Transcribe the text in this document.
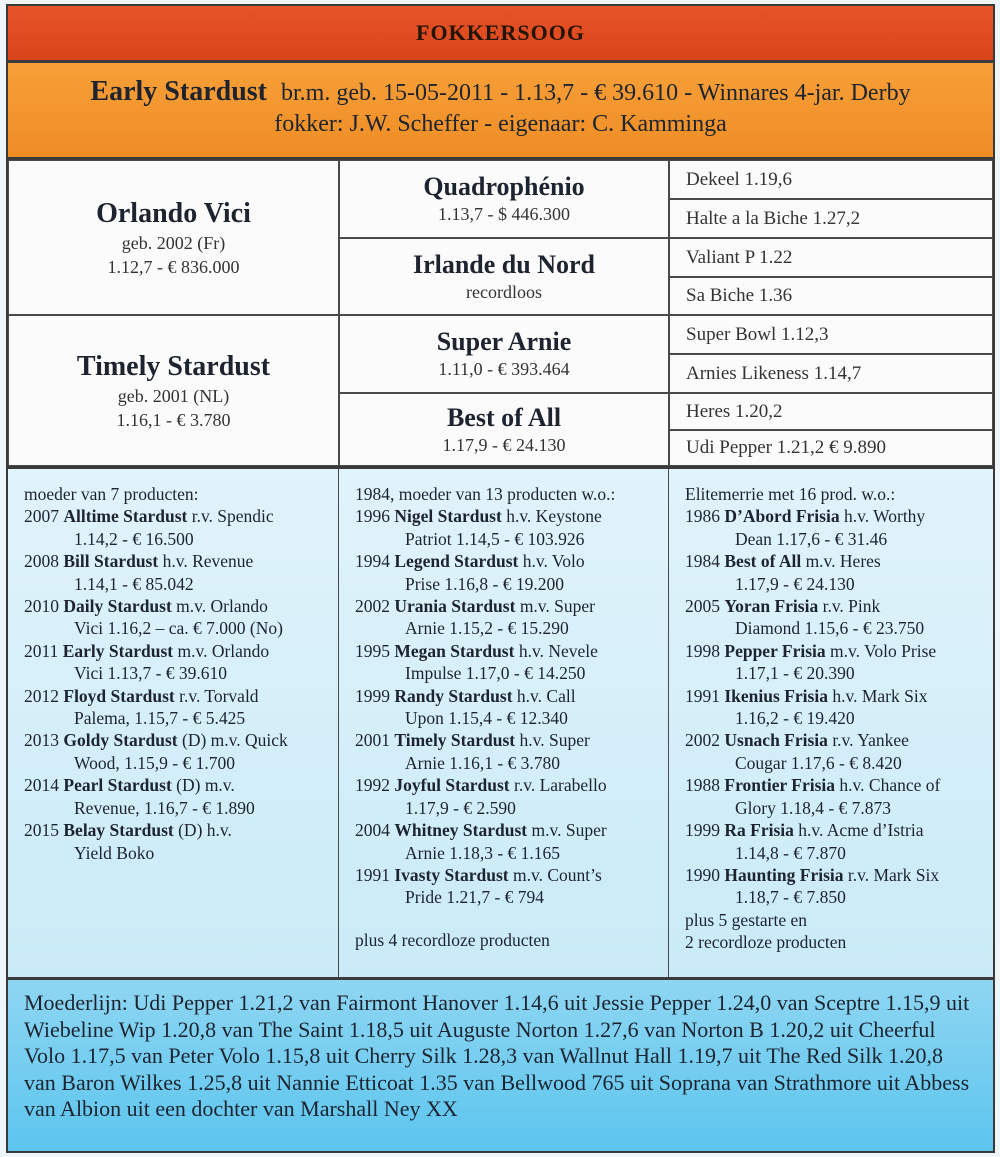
FOKKERSOOG
Early Stardust br.m. geb. 15-05-2011 - 1.13,7 - € 39.610 - Winnares 4-jar. Derby
fokker: J.W. Scheffer - eigenaar: C. Kamminga
Orlando Vici
geb. 2002 (Fr)
1.12,7 - € 836.000
Timely Stardust
geb. 2001 (NL)
1.16,1 - € 3.780
Quadrophénio
1.13,7 - $ 446.300
Irlande du Nord
recordloos
Super Arnie
1.11,0 - € 393.464
Best of All
1.17,9 - € 24.130
Dekeel 1.19,6
Halte a la Biche 1.27,2
Valiant P 1.22
Sa Biche 1.36
Super Bowl 1.12,3
Arnies Likeness 1.14,7
Heres 1.20,2
Udi Pepper 1.21,2 € 9.890
moeder van 7 producten:
2007 Alltime Stardust r.v. Spendic
1.14,2 - € 16.500
2008 Bill Stardust h.v. Revenue
1.14,1 - € 85.042
2010 Daily Stardust m.v. Orlando
Vici 1.16,2 – ca. € 7.000 (No)
2011 Early Stardust m.v. Orlando
Vici 1.13,7 - € 39.610
2012 Floyd Stardust r.v. Torvald
Palema, 1.15,7 - € 5.425
2013 Goldy Stardust (D) m.v. Quick
Wood, 1.15,9 - € 1.700
2014 Pearl Stardust (D) m.v.
Revenue, 1.16,7 - € 1.890
2015 Belay Stardust (D) h.v.
Yield Boko
1984, moeder van 13 producten w.o.:
1996 Nigel Stardust h.v. Keystone
Patriot 1.14,5 - € 103.926
1994 Legend Stardust h.v. Volo
Prise 1.16,8 - € 19.200
2002 Urania Stardust m.v. Super
Arnie 1.15,2 - € 15.290
1995 Megan Stardust h.v. Nevele
Impulse 1.17,0 - € 14.250
1999 Randy Stardust h.v. Call
Upon 1.15,4 - € 12.340
2001 Timely Stardust h.v. Super
Arnie 1.16,1 - € 3.780
1992 Joyful Stardust r.v. Larabello
1.17,9 - € 2.590
2004 Whitney Stardust m.v. Super
Arnie 1.18,3 - € 1.165
1991 Ivasty Stardust m.v. Count’s
Pride 1.21,7 - € 794
plus 4 recordloze producten
Elitemerrie met 16 prod. w.o.:
1986 D’Abord Frisia h.v. Worthy
Dean 1.17,6 - € 31.46
1984 Best of All m.v. Heres
1.17,9 - € 24.130
2005 Yoran Frisia r.v. Pink
Diamond 1.15,6 - € 23.750
1998 Pepper Frisia m.v. Volo Prise
1.17,1 - € 20.390
1991 Ikenius Frisia h.v. Mark Six
1.16,2 - € 19.420
2002 Usnach Frisia r.v. Yankee
Cougar 1.17,6 - € 8.420
1988 Frontier Frisia h.v. Chance of
Glory 1.18,4 - € 7.873
1999 Ra Frisia h.v. Acme d’Istria
1.14,8 - € 7.870
1990 Haunting Frisia r.v. Mark Six
1.18,7 - € 7.850
plus 5 gestarte en
2 recordloze producten
Moederlijn: Udi Pepper 1.21,2 van Fairmont Hanover 1.14,6 uit Jessie Pepper 1.24,0 van Sceptre 1.15,9 uit Wiebeline Wip 1.20,8 van The Saint 1.18,5 uit Auguste Norton 1.27,6 van Norton B 1.20,2 uit Cheerful Volo 1.17,5 van Peter Volo 1.15,8 uit Cherry Silk 1.28,3 van Wallnut Hall 1.19,7 uit The Red Silk 1.20,8 van Baron Wilkes 1.25,8 uit Nannie Etticoat 1.35 van Bellwood 765 uit Soprana van Strathmore uit Abbess van Albion uit een dochter van Marshall Ney XX
